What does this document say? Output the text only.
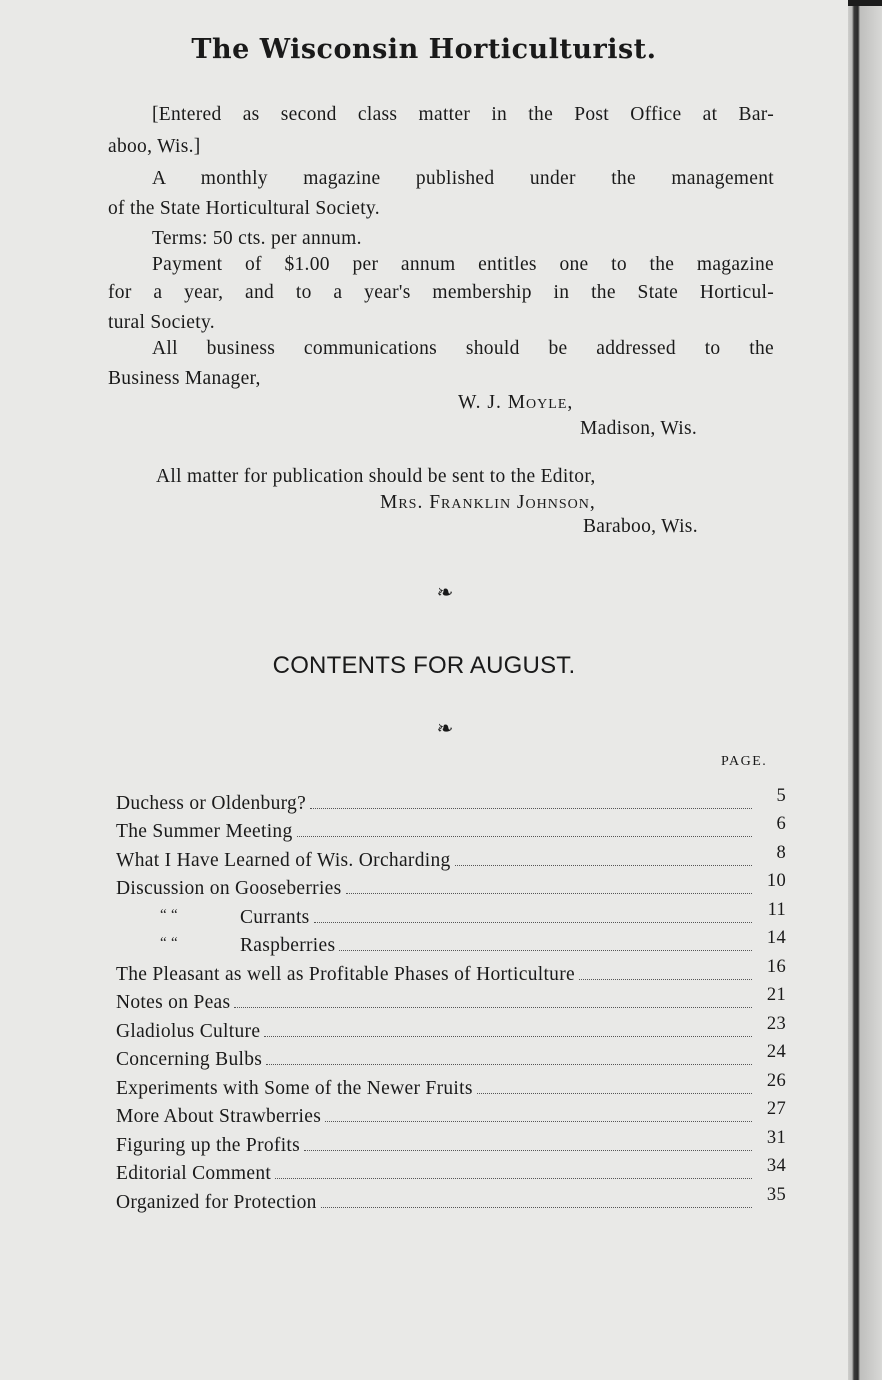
The Wisconsin Horticulturist.
[Entered as second class matter in the Post Office at Bar-
aboo, Wis.]
A monthly magazine published under the management
of the State Horticultural Society.
Terms: 50 cts. per annum.
Payment of $1.00 per annum entitles one to the magazine
for a year, and to a year's membership in the State Horticul-
tural Society.
All business communications should be addressed to the
Business Manager,
W. J. Moyle,
Madison, Wis.
All matter for publication should be sent to the Editor,
Mrs. Franklin Johnson,
Baraboo, Wis.
❧
CONTENTS FOR AUGUST.
❧
PAGE.
Duchess or Oldenburg?	5
The Summer Meeting	6
What I Have Learned of Wis. Orcharding	8
Discussion on Gooseberries	10
“ “	Currants	11
“ “	Raspberries	14
The Pleasant as well as Profitable Phases of Horticulture	16
Notes on Peas	21
Gladiolus Culture	23
Concerning Bulbs	24
Experiments with Some of the Newer Fruits	26
More About Strawberries	27
Figuring up the Profits	31
Editorial Comment	34
Organized for Protection	35
